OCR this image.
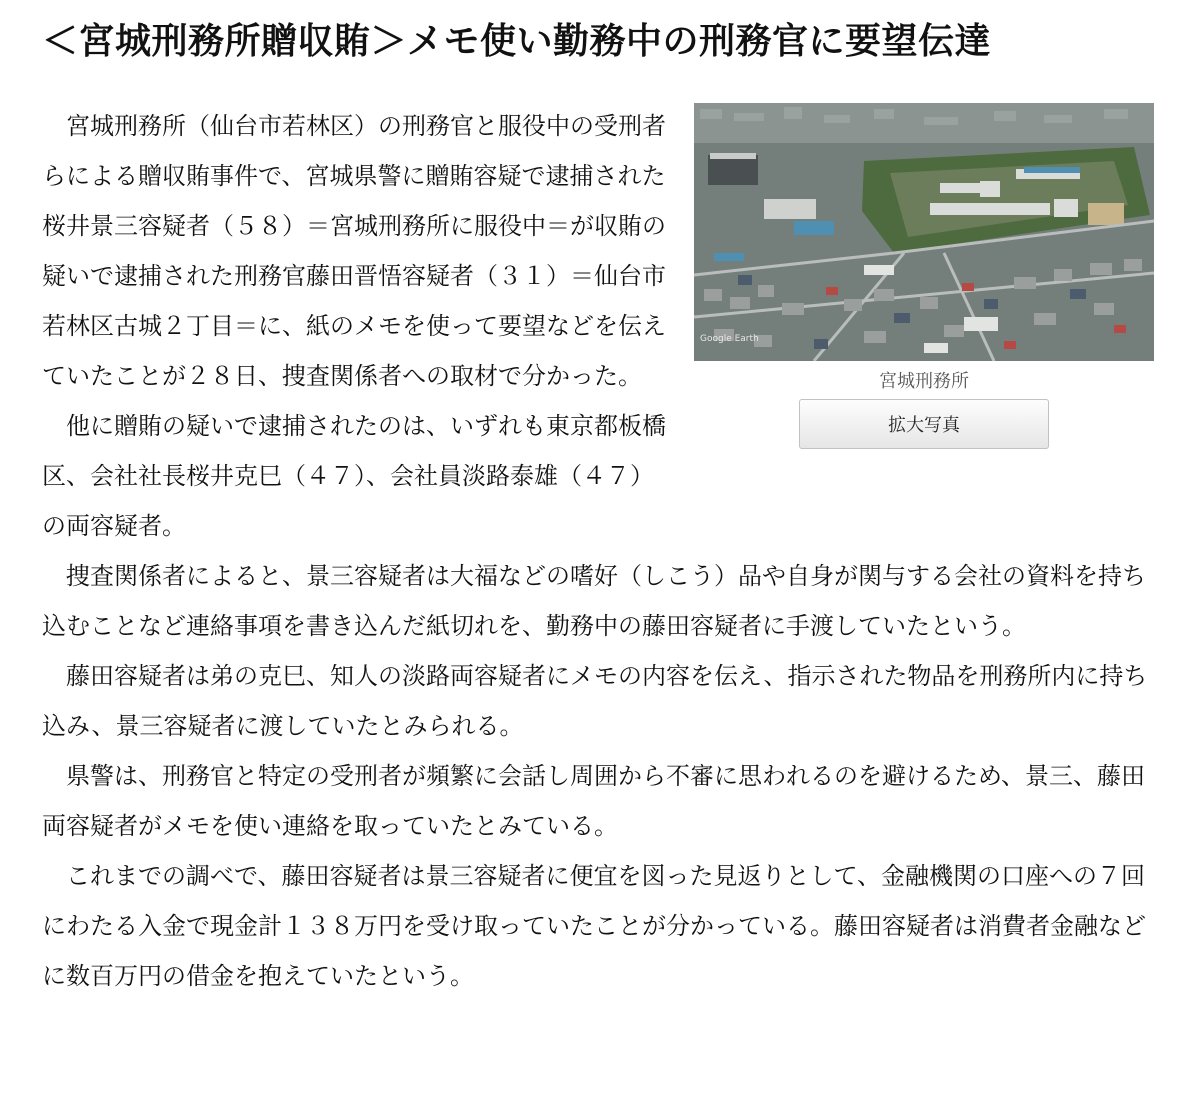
＜宮城刑務所贈収賄＞メモ使い勤務中の刑務官に要望伝達
Google Earth
宮城刑務所
拡大写真

宮城刑務所（仙台市若林区）の刑務官と服役中の受刑者らによる贈収賄事件で、宮城県警に贈賄容疑で逮捕された桜井景三容疑者（５８）＝宮城刑務所に服役中＝が収賄の疑いで逮捕された刑務官藤田晋悟容疑者（３１）＝仙台市若林区古城２丁目＝に、紙のメモを使って要望などを伝えていたことが２８日、捜査関係者への取材で分かった。

他に贈賄の疑いで逮捕されたのは、いずれも東京都板橋区、会社社長桜井克巳（４７）、会社員淡路泰雄（４７）の両容疑者。

捜査関係者によると、景三容疑者は大福などの嗜好（しこう）品や自身が関与する会社の資料を持ち込むことなど連絡事項を書き込んだ紙切れを、勤務中の藤田容疑者に手渡していたという。

藤田容疑者は弟の克巳、知人の淡路両容疑者にメモの内容を伝え、指示された物品を刑務所内に持ち込み、景三容疑者に渡していたとみられる。

県警は、刑務官と特定の受刑者が頻繁に会話し周囲から不審に思われるのを避けるため、景三、藤田両容疑者がメモを使い連絡を取っていたとみている。

これまでの調べで、藤田容疑者は景三容疑者に便宜を図った見返りとして、金融機関の口座への７回にわたる入金で現金計１３８万円を受け取っていたことが分かっている。藤田容疑者は消費者金融などに数百万円の借金を抱えていたという。
